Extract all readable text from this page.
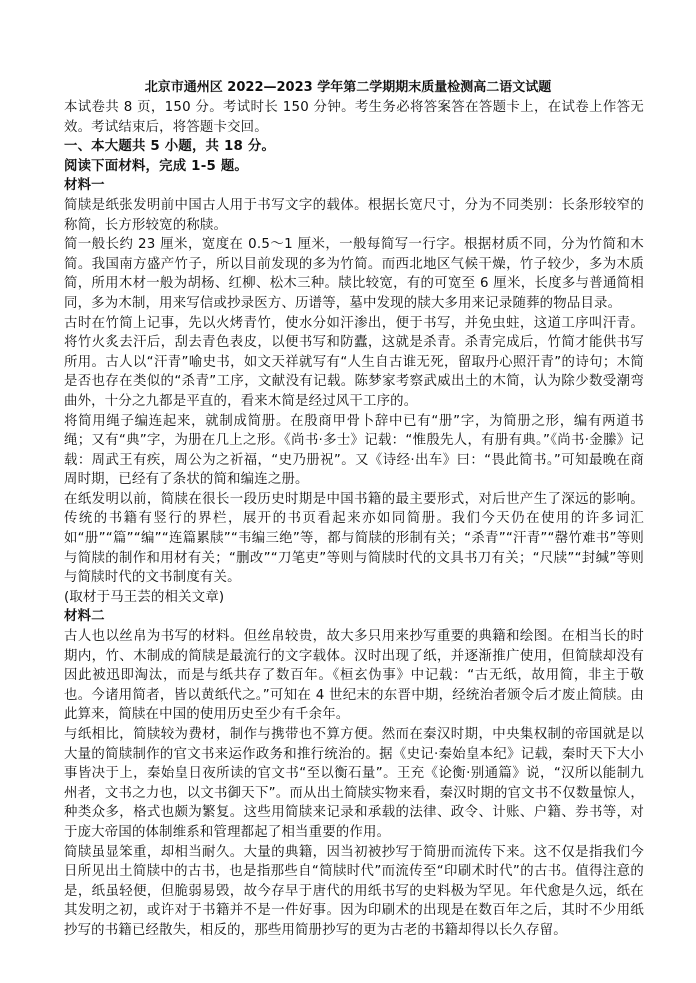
北京市通州区 2022—2023 学年第二学期期末质量检测高二语文试题

本试卷共 8 页，150 分。考试时长 150 分钟。考生务必将答案答在答题卡上，在试卷上作答无效。考试结束后，将答题卡交回。

一、本大题共 5 小题，共 18 分。

阅读下面材料，完成 1-5 题。

材料一

简牍是纸张发明前中国古人用于书写文字的载体。根据长宽尺寸，分为不同类别：长条形较窄的称简，长方形较宽的称牍。

简一般长约 23 厘米，宽度在 0.5～1 厘米，一般每简写一行字。根据材质不同，分为竹简和木简。我国南方盛产竹子，所以目前发现的多为竹简。而西北地区气候干燥，竹子较少，多为木质简，所用木材一般为胡杨、红柳、松木三种。牍比较宽，有的可宽至 6 厘米，长度多与普通简相同，多为木制，用来写信或抄录医方、历谱等，墓中发现的牍大多用来记录随葬的物品目录。

古时在竹简上记事，先以火烤青竹，使水分如汗渗出，便于书写，并免虫蛀，这道工序叫汗青。将竹火炙去汗后，刮去青色表皮，以便书写和防蠹，这就是杀青。杀青完成后，竹简才能供书写所用。古人以“汗青”喻史书，如文天祥就写有“人生自古谁无死，留取丹心照汗青”的诗句；木简是否也存在类似的“杀青”工序，文献没有记载。陈梦家考察武威出土的木简，认为除少数受潮弯曲外，十分之九都是平直的，看来木简是经过风干工序的。

将简用绳子编连起来，就制成简册。在殷商甲骨卜辞中已有“册”字，为简册之形，编有两道书绳；又有“典”字，为册在几上之形。《尚书·多士》记载：“惟殷先人，有册有典。”《尚书·金縢》记载：周武王有疾，周公为之祈福，“史乃册祝”。又《诗经·出车》曰：“畏此简书。”可知最晚在商周时期，已经有了条状的简和编连之册。

在纸发明以前，简牍在很长一段历史时期是中国书籍的最主要形式，对后世产生了深远的影响。传统的书籍有竖行的界栏，展开的书页看起来亦如同简册。我们今天仍在使用的许多词汇如“册”“篇”“编”“连篇累牍”“韦编三绝”等，都与简牍的形制有关；“杀青”“汗青”“罄竹难书”等则与简牍的制作和用材有关；“删改”“刀笔吏”等则与简牍时代的文具书刀有关；“尺牍”“封缄”等则与简牍时代的文书制度有关。

(取材于马王芸的相关文章)

材料二

古人也以丝帛为书写的材料。但丝帛较贵，故大多只用来抄写重要的典籍和绘图。在相当长的时期内，竹、木制成的简牍是最流行的文字载体。汉时出现了纸，并逐渐推广使用，但简牍却没有因此被迅即淘汰，而是与纸共存了数百年。《桓玄伪事》中记载：“古无纸，故用简，非主于敬也。今诸用简者，皆以黄纸代之。”可知在 4 世纪末的东晋中期，经统治者颁令后才废止简牍。由此算来，简牍在中国的使用历史至少有千余年。

与纸相比，简牍较为费材，制作与携带也不算方便。然而在秦汉时期，中央集权制的帝国就是以大量的简牍制作的官文书来运作政务和推行统治的。据《史记·秦始皇本纪》记载，秦时天下大小事皆决于上，秦始皇日夜所读的官文书“至以衡石量”。王充《论衡·别通篇》说，“汉所以能制九州者，文书之力也，以文书御天下”。而从出土简牍实物来看，秦汉时期的官文书不仅数量惊人，种类众多，格式也颇为繁复。这些用简牍来记录和承载的法律、政令、计账、户籍、券书等，对于庞大帝国的体制维系和管理都起了相当重要的作用。

简牍虽显笨重，却相当耐久。大量的典籍，因当初被抄写于简册而流传下来。这不仅是指我们今日所见出土简牍中的古书，也是指那些自“简牍时代”而流传至“印刷术时代”的古书。值得注意的是，纸虽轻便，但脆弱易毁，故今存早于唐代的用纸书写的史料极为罕见。年代愈是久远，纸在其发明之初，或许对于书籍并不是一件好事。因为印刷术的出现是在数百年之后，其时不少用纸抄写的书籍已经散失，相反的，那些用简册抄写的更为古老的书籍却得以长久存留。
